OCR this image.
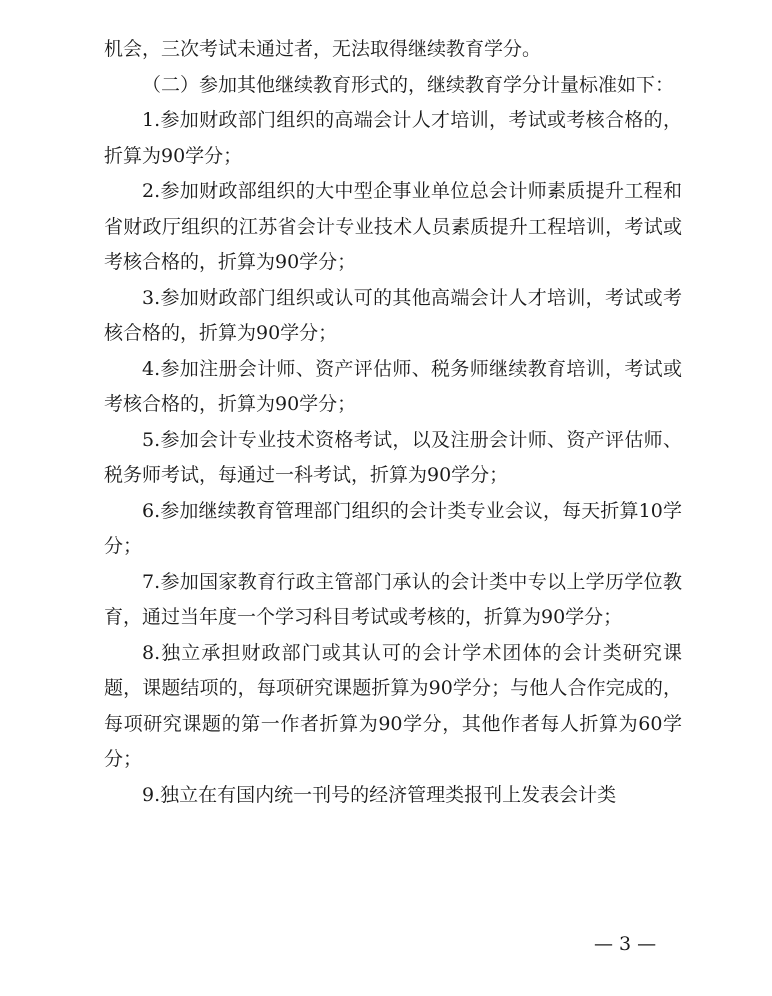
机会，三次考试未通过者，无法取得继续教育学分。

（二）参加其他继续教育形式的，继续教育学分计量标准如下：

1.参加财政部门组织的高端会计人才培训，考试或考核合格的，折算为90学分；

2.参加财政部组织的大中型企事业单位总会计师素质提升工程和省财政厅组织的江苏省会计专业技术人员素质提升工程培训，考试或考核合格的，折算为90学分；

3.参加财政部门组织或认可的其他高端会计人才培训，考试或考核合格的，折算为90学分；

4.参加注册会计师、资产评估师、税务师继续教育培训，考试或考核合格的，折算为90学分；

5.参加会计专业技术资格考试，以及注册会计师、资产评估师、税务师考试，每通过一科考试，折算为90学分；

6.参加继续教育管理部门组织的会计类专业会议，每天折算10学分；

7.参加国家教育行政主管部门承认的会计类中专以上学历学位教育，通过当年度一个学习科目考试或考核的，折算为90学分；

8.独立承担财政部门或其认可的会计学术团体的会计类研究课题，课题结项的，每项研究课题折算为90学分；与他人合作完成的，每项研究课题的第一作者折算为90学分，其他作者每人折算为60学分；

9.独立在有国内统一刊号的经济管理类报刊上发表会计类

— 3 —
